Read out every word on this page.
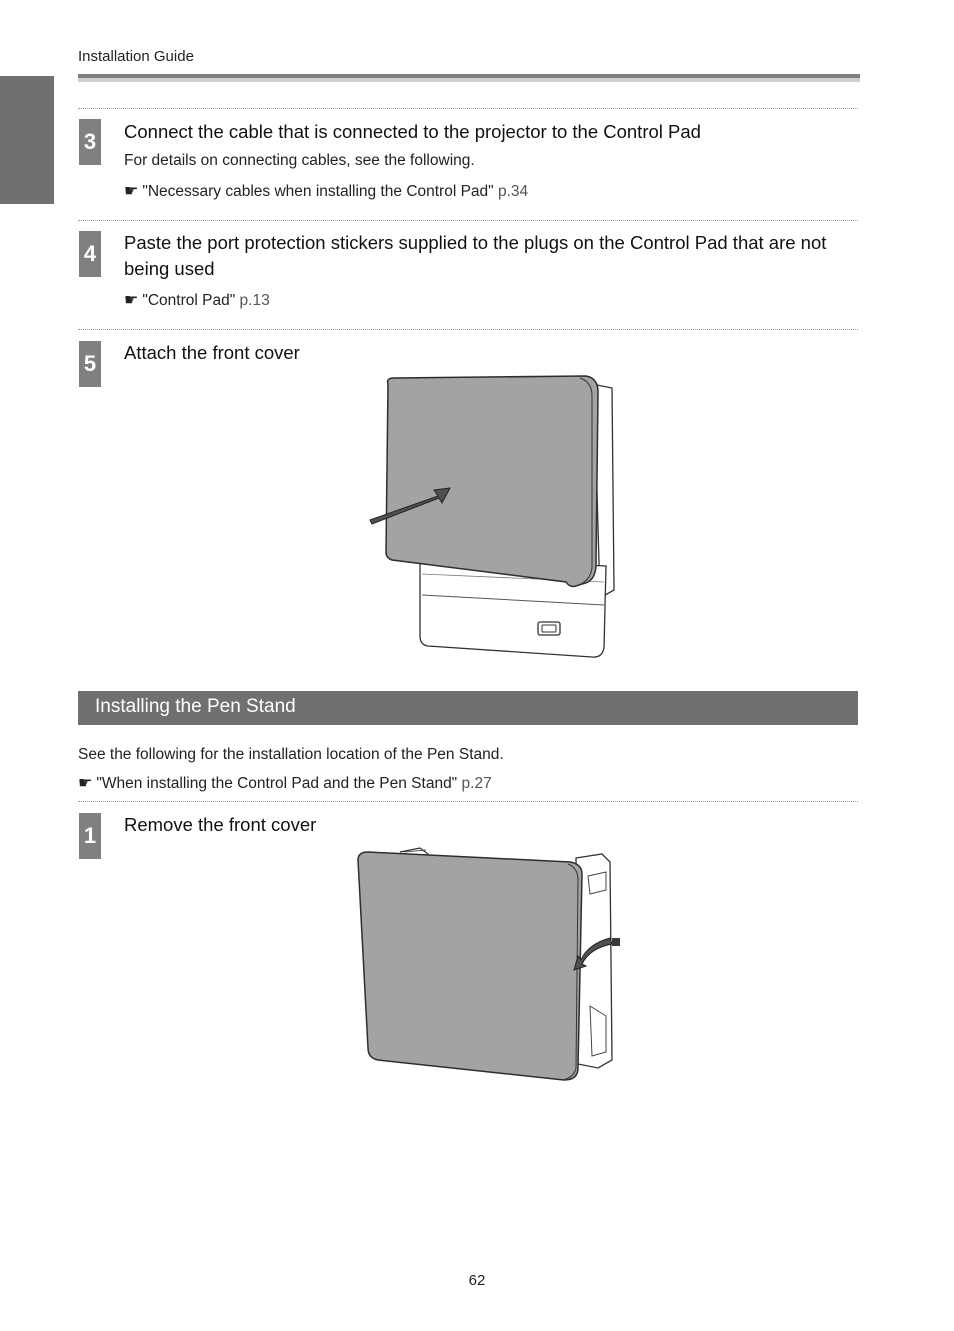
Installation Guide
3 Connect the cable that is connected to the projector to the Control Pad
For details on connecting cables, see the following.
☛ "Necessary cables when installing the Control Pad" p.34
4 Paste the port protection stickers supplied to the plugs on the Control Pad that are not being used
☛ "Control Pad" p.13
5 Attach the front cover
Installing the Pen Stand
See the following for the installation location of the Pen Stand.
☛ "When installing the Control Pad and the Pen Stand" p.27
1 Remove the front cover
62
